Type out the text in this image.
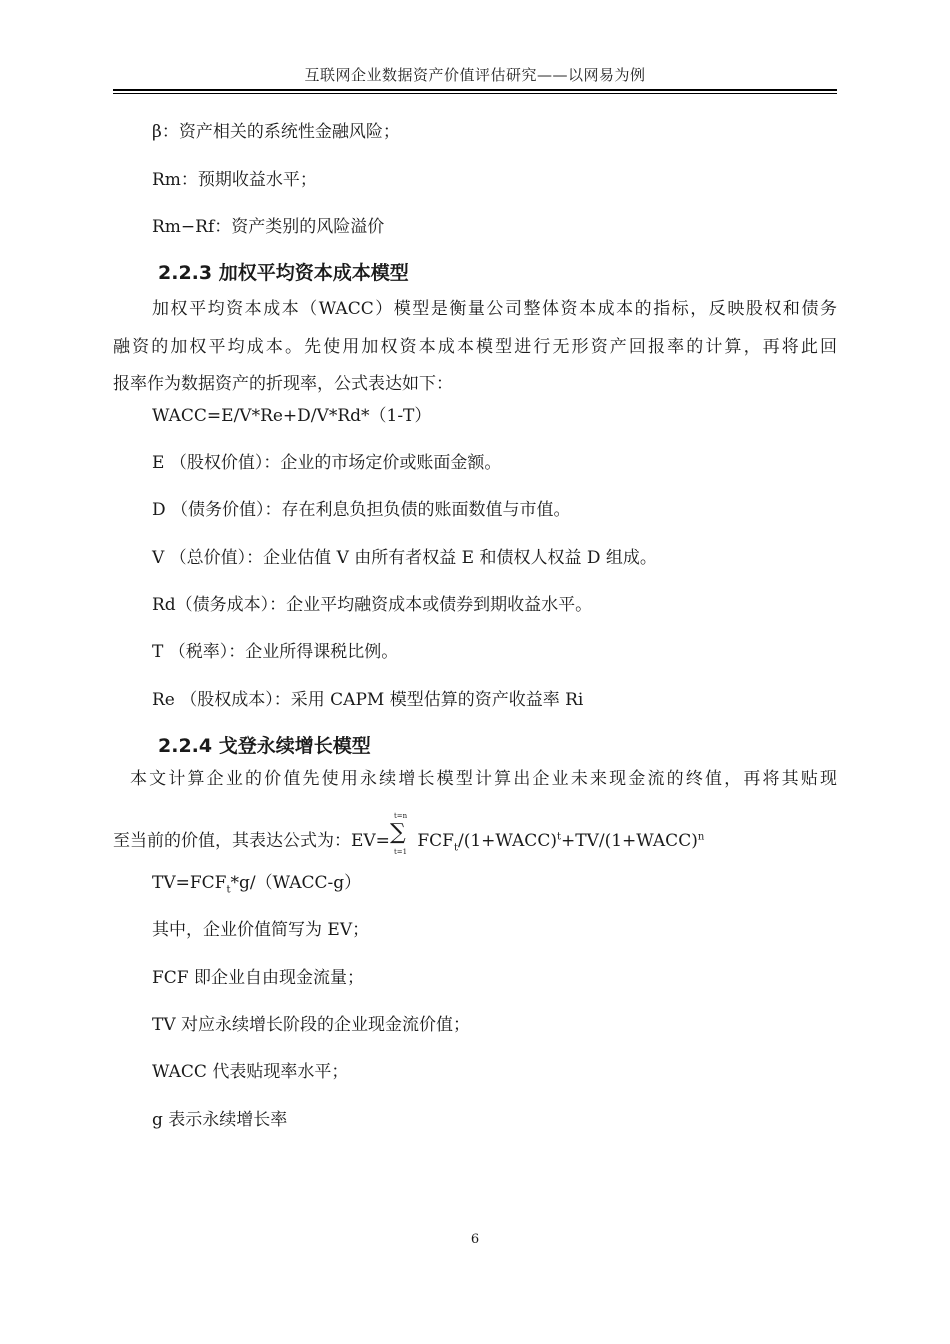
互联网企业数据资产价值评估研究——以网易为例
β：资产相关的系统性金融风险；
Rm：预期收益水平；
Rm−Rf：资产类别的风险溢价
2.2.3 加权平均资本成本模型
加权平均资本成本（WACC）模型是衡量公司整体资本成本的指标，反映股权和债务
融资的加权平均成本。先使用加权资本成本模型进行无形资产回报率的计算，再将此回
报率作为数据资产的折现率，公式表达如下：
WACC=E/V*Re+D/V*Rd*（1-T）
E （股权价值）：企业的市场定价或账面金额。
D （债务价值）：存在利息负担负债的账面数值与市值。
V （总价值）：企业估值 V 由所有者权益 E 和债权人权益 D 组成。
Rd（债务成本）：企业平均融资成本或债券到期收益水平。
T （税率）：企业所得课税比例。
Re （股权成本）：采用 CAPM 模型估算的资产收益率 Ri
2.2.4 戈登永续增长模型
本文计算企业的价值先使用永续增长模型计算出企业未来现金流的终值，再将其贴现
至当前的价值，其表达公式为：EV=
t=n
∑
t=1
$FCF_t/(1+WACC)^t+TV/(1+WACC)^n$
$TV=FCF_t*g/(WACC-g)$
其中，企业价值简写为 EV；
FCF 即企业自由现金流量；
TV 对应永续增长阶段的企业现金流价值；
WACC 代表贴现率水平；
g 表示永续增长率
6
